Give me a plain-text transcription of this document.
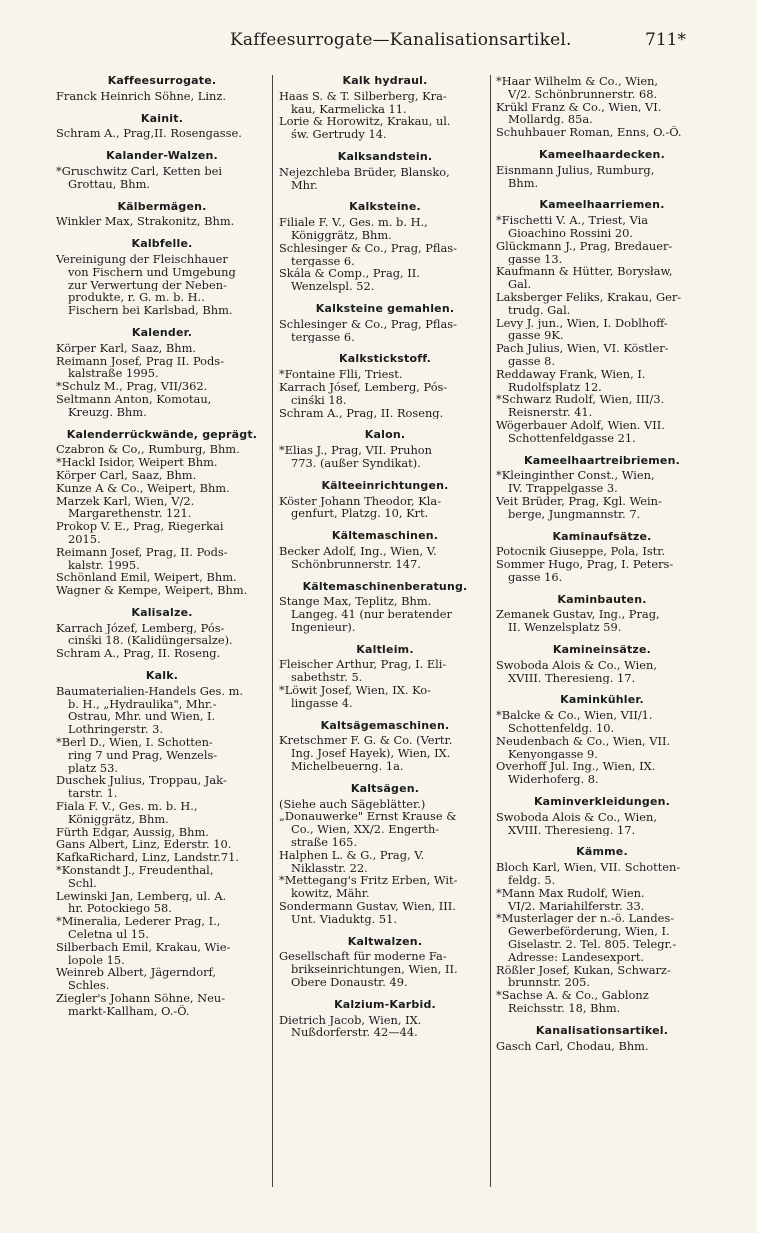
Kaffeesurrogate—Kanalisationsartikel.	711*
Kaffeesurrogate.
Franck Heinrich Söhne, Linz.
Kainit.
Schram A., Prag,II. Rosengasse.
Kalander-Walzen.
*Gruschwitz Carl, Ketten bei
Grottau, Bhm.
Kälbermägen.
Winkler Max, Strakonitz, Bhm.
Kalbfelle.
Vereinigung der Fleischhauer
von Fischern und Umgebung
zur Verwertung der Neben-
produkte, r. G. m. b. H..
Fischern bei Karlsbad, Bhm.
Kalender.
Körper Karl, Saaz, Bhm.
Reimann Josef, Prag II. Pods-
kalstraße 1995.
*Schulz M., Prag, VII/362.
Seltmann Anton, Komotau,
Kreuzg. Bhm.
Kalenderrückwände, geprägt.
Czabron & Co,, Rumburg, Bhm.
*Hackl Isidor, Weipert Bhm.
Körper Carl, Saaz, Bhm.
Kunze A & Co., Weipert, Bhm.
Marzek Karl, Wien, V/2.
Margarethenstr. 121.
Prokop V. E., Prag, Riegerkai
2015.
Reimann Josef, Prag, II. Pods-
kalstr. 1995.
Schönland Emil, Weipert, Bhm.
Wagner & Kempe, Weipert, Bhm.
Kalisalze.
Karrach Józef, Lemberg, Pós-
cinśki 18. (Kalidüngersalze).
Schram A., Prag, II. Roseng.
Kalk.
Baumaterialien-Handels Ges. m.
b. H., „Hydraulika", Mhr.-
Ostrau, Mhr. und Wien, I.
Lothringerstr. 3.
*Berl D., Wien, I. Schotten-
ring 7 und Prag, Wenzels-
platz 53.
Duschek Julius, Troppau, Jak-
tarstr. 1.
Fiala F. V., Ges. m. b. H.,
Königgrätz, Bhm.
Fürth Edgar, Aussig, Bhm.
Gans Albert, Linz, Ederstr. 10.
KafkaRichard, Linz, Landstr.71.
*Konstandt J., Freudenthal,
Schl.
Lewinski Jan, Lemberg, ul. A.
hr. Potockiego 58.
*Mineralia, Lederer Prag, I.,
Celetna ul 15.
Silberbach Emil, Krakau, Wie-
lopole 15.
Weinreb Albert, Jägerndorf,
Schles.
Ziegler's Johann Söhne, Neu-
markt-Kallham, O.-Ö.
Kalk hydraul.
Haas S. & T. Silberberg, Kra-
kau, Karmelicka 11.
Lorie & Horowitz, Krakau, ul.
św. Gertrudy 14.
Kalksandstein.
Nejezchleba Brüder, Blansko,
Mhr.
Kalksteine.
Filiale F. V., Ges. m. b. H.,
Königgrätz, Bhm.
Schlesinger & Co., Prag, Pflas-
tergasse 6.
Skála & Comp., Prag, II.
Wenzelspl. 52.
Kalksteine gemahlen.
Schlesinger & Co., Prag, Pflas-
tergasse 6.
Kalkstickstoff.
*Fontaine Flli, Triest.
Karrach Jósef, Lemberg, Pós-
cinśki 18.
Schram A., Prag, II. Roseng.
Kalon.
*Elias J., Prag, VII. Pruhon
773. (außer Syndikat).
Kälteeinrichtungen.
Köster Johann Theodor, Kla-
genfurt, Platzg. 10, Krt.
Kältemaschinen.
Becker Adolf, Ing., Wien, V.
Schönbrunnerstr. 147.
Kältemaschinenberatung.
Stange Max, Teplitz, Bhm.
Langeg. 41 (nur beratender
Ingenieur).
Kaltleim.
Fleischer Arthur, Prag, I. Eli-
sabethstr. 5.
*Löwit Josef, Wien, IX. Ko-
lingasse 4.
Kaltsägemaschinen.
Kretschmer F. G. & Co. (Vertr.
Ing. Josef Hayek), Wien, IX.
Michelbeuerng. 1a.
Kaltsägen.
(Siehe auch Sägeblätter.)
„Donauwerke" Ernst Krause &
Co., Wien, XX/2. Engerth-
straße 165.
Halphen L. & G., Prag, V.
Niklasstr. 22.
*Mettegang's Fritz Erben, Wit-
kowitz, Mähr.
Sondermann Gustav, Wien, III.
Unt. Viaduktg. 51.
Kaltwalzen.
Gesellschaft für moderne Fa-
brikseinrichtungen, Wien, II.
Obere Donaustr. 49.
Kalzium-Karbid.
Dietrich Jacob, Wien, IX.
Nußdorferstr. 42—44.
*Haar Wilhelm & Co., Wien,
V/2. Schönbrunnerstr. 68.
Krükl Franz & Co., Wien, VI.
Mollardg. 85a.
Schuhbauer Roman, Enns, O.-Ö.
Kameelhaardecken.
Eisnmann Julius, Rumburg,
Bhm.
Kameelhaarriemen.
*Fischetti V. A., Triest, Via
Gioachino Rossini 20.
Glückmann J., Prag, Bredauer-
gasse 13.
Kaufmann & Hütter, Borysław,
Gal.
Laksberger Feliks, Krakau, Ger-
trudg. Gal.
Levy J. jun., Wien, I. Doblhoff-
gasse 9K.
Pach Julius, Wien, VI. Köstler-
gasse 8.
Reddaway Frank, Wien, I.
Rudolfsplatz 12.
*Schwarz Rudolf, Wien, III/3.
Reisnerstr. 41.
Wögerbauer Adolf, Wien. VII.
Schottenfeldgasse 21.
Kameelhaartreibriemen.
*Kleinginther Const., Wien,
IV. Trappelgasse 3.
Veit Brüder, Prag, Kgl. Wein-
berge, Jungmannstr. 7.
Kaminaufsätze.
Potocnik Giuseppe, Pola, Istr.
Sommer Hugo, Prag, I. Peters-
gasse 16.
Kaminbauten.
Zemanek Gustav, Ing., Prag,
II. Wenzelsplatz 59.
Kamineinsätze.
Swoboda Alois & Co., Wien,
XVIII. Theresieng. 17.
Kaminkühler.
*Balcke & Co., Wien, VII/1.
Schottenfeldg. 10.
Neudenbach & Co., Wien, VII.
Kenyongasse 9.
Overhoff Jul. Ing., Wien, IX.
Widerhoferg. 8.
Kaminverkleidungen.
Swoboda Alois & Co., Wien,
XVIII. Theresieng. 17.
Kämme.
Bloch Karl, Wien, VII. Schotten-
feldg. 5.
*Mann Max Rudolf, Wien.
VI/2. Mariahilferstr. 33.
*Musterlager der n.-ö. Landes-
Gewerbeförderung, Wien, I.
Giselastr. 2. Tel. 805. Telegr.-
Adresse: Landesexport.
Rößler Josef, Kukan, Schwarz-
brunnstr. 205.
*Sachse A. & Co., Gablonz
Reichsstr. 18, Bhm.
Kanalisationsartikel.
Gasch Carl, Chodau, Bhm.
